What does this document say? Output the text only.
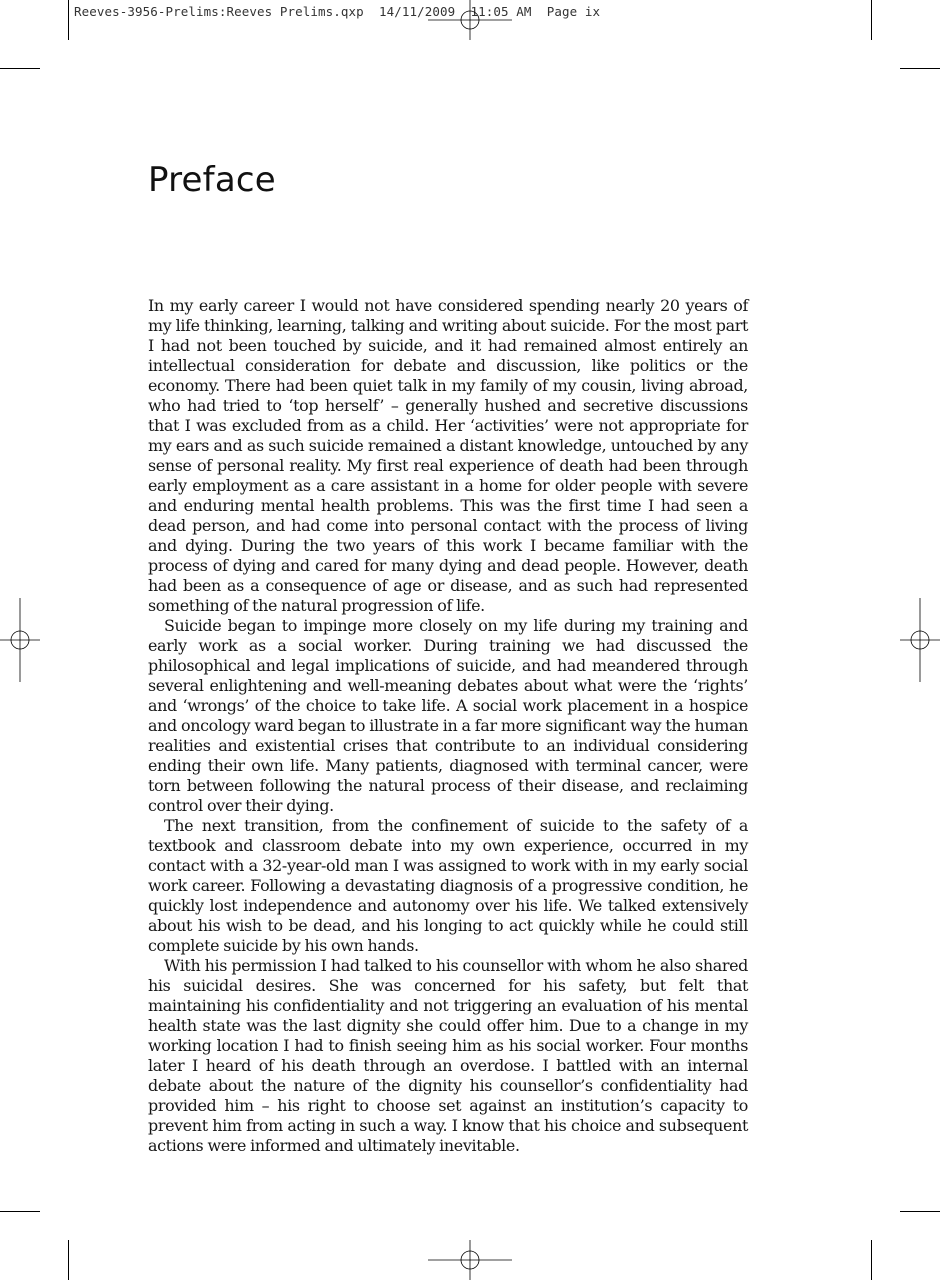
Reeves-3956-Prelims:Reeves Prelims.qxp  14/11/2009  11:05 AM  Page ix
Preface

In my early career I would not have considered spending nearly 20 years of my life thinking, learning, talking and writing about suicide. For the most part I had not been touched by suicide, and it had remained almost entirely an intellectual consideration for debate and discussion, like politics or the economy. There had been quiet talk in my family of my cousin, living abroad, who had tried to ‘top herself’ – generally hushed and secretive discussions that I was excluded from as a child. Her ‘activities’ were not appropriate for my ears and as such suicide remained a distant knowledge, untouched by any sense of personal reality. My first real experience of death had been through early employment as a care assistant in a home for older people with severe and enduring mental health problems. This was the first time I had seen a dead person, and had come into personal contact with the process of living and dying. During the two years of this work I became familiar with the process of dying and cared for many dying and dead people. However, death had been as a consequence of age or disease, and as such had represented something of the natural progression of life.

Suicide began to impinge more closely on my life during my training and early work as a social worker. During training we had discussed the philosophical and legal implications of suicide, and had meandered through several enlightening and well-meaning debates about what were the ‘rights’ and ‘wrongs’ of the choice to take life. A social work placement in a hospice and oncology ward began to illustrate in a far more significant way the human realities and existential crises that contribute to an individual considering ending their own life. Many patients, diagnosed with terminal cancer, were torn between following the natural process of their disease, and reclaiming control over their dying.

The next transition, from the confinement of suicide to the safety of a textbook and classroom debate into my own experience, occurred in my contact with a 32-year-old man I was assigned to work with in my early social work career. Following a devastating diagnosis of a progressive condition, he quickly lost independence and autonomy over his life. We talked extensively about his wish to be dead, and his longing to act quickly while he could still complete suicide by his own hands.

With his permission I had talked to his counsellor with whom he also shared his suicidal desires. She was concerned for his safety, but felt that maintaining his confidentiality and not triggering an evaluation of his mental health state was the last dignity she could offer him. Due to a change in my working location I had to finish seeing him as his social worker. Four months later I heard of his death through an overdose. I battled with an internal debate about the nature of the dignity his counsellor’s confidentiality had provided him – his right to choose set against an institution’s capacity to prevent him from acting in such a way. I know that his choice and subsequent actions were informed and ultimately inevitable.
